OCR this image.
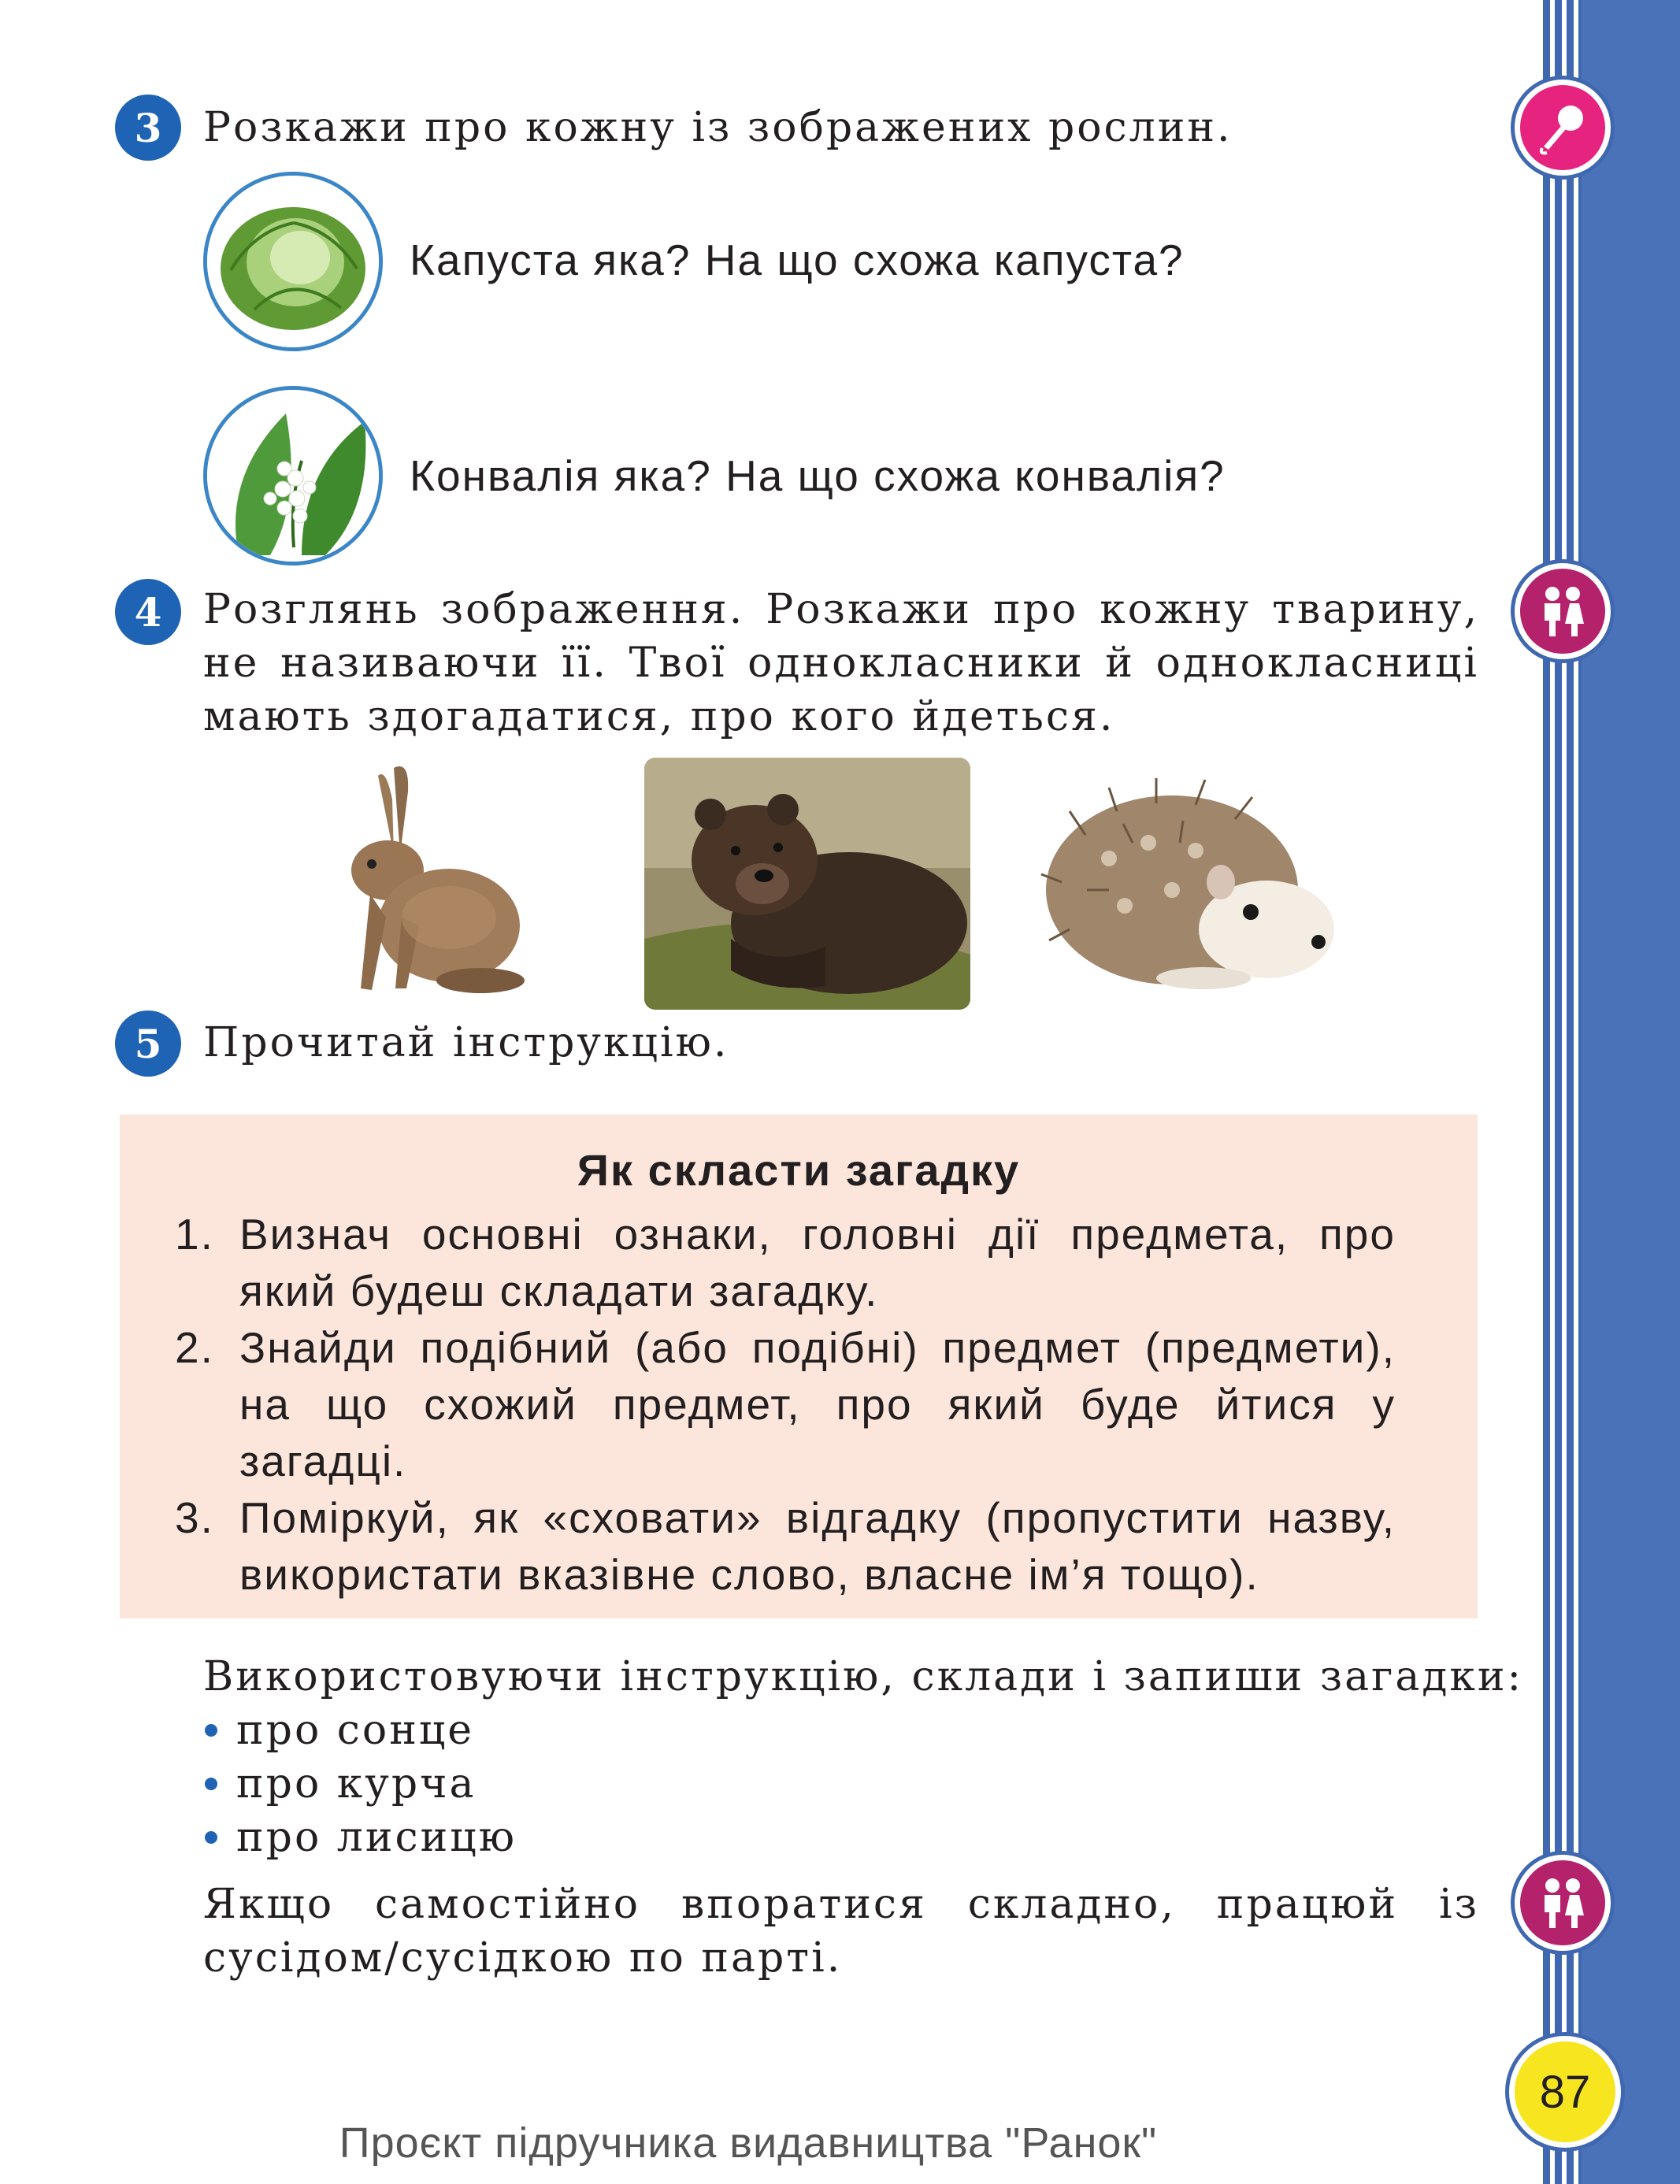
87
3	Розкажи про кожну із зображених рослин.
Капуста яка? На що схожа капуста?
Конвалія яка? На що схожа конвалія?
4	Розглянь зображення. Розкажи про кожну тварину, не називаючи її. Твої однокласники й однокласниці мають здогадатися, про кого йдеться.
5	Прочитай інструкцію.
Як скласти загадку
1. Визнач основні ознаки, головні дії предмета, про який будеш складати загадку.
2. Знайди подібний (або подібні) предмет (предмети), на що схожий предмет, про який буде йтися у загадці.
3. Поміркуй, як «сховати» відгадку (пропустити назву, використати вказівне слово, власне ім’я тощо).
Використовуючи інструкцію, склади і запиши загадки:
про сонце
про курча
про лисицю
Якщо самостійно впоратися складно, працюй із сусідом/сусідкою по парті.
Проєкт підручника видавництва "Ранок"
